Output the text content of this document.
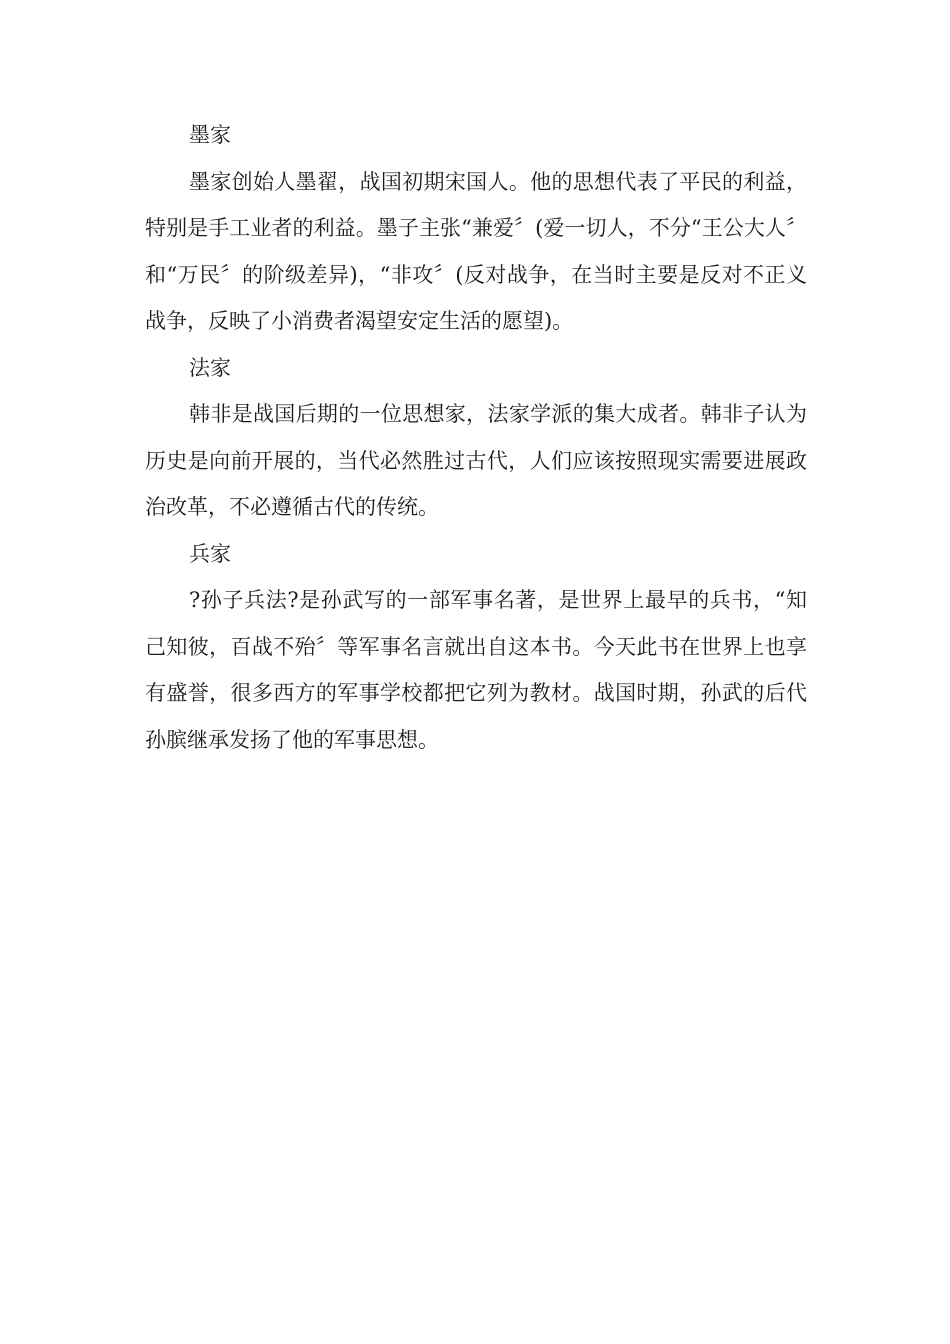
墨家

墨家创始人墨翟，战国初期宋国人。他的思想代表了平民的利益，特别是手工业者的利益。墨子主张“兼爱〞(爱一切人，不分“王公大人〞和“万民〞的阶级差异)，“非攻〞(反对战争，在当时主要是反对不正义战争，反映了小消费者渴望安定生活的愿望)。

法家

韩非是战国后期的一位思想家，法家学派的集大成者。韩非子认为历史是向前开展的，当代必然胜过古代，人们应该按照现实需要进展政治改革，不必遵循古代的传统。

兵家

?孙子兵法?是孙武写的一部军事名著，是世界上最早的兵书，“知己知彼，百战不殆〞等军事名言就出自这本书。今天此书在世界上也享有盛誉，很多西方的军事学校都把它列为教材。战国时期，孙武的后代孙膑继承发扬了他的军事思想。
